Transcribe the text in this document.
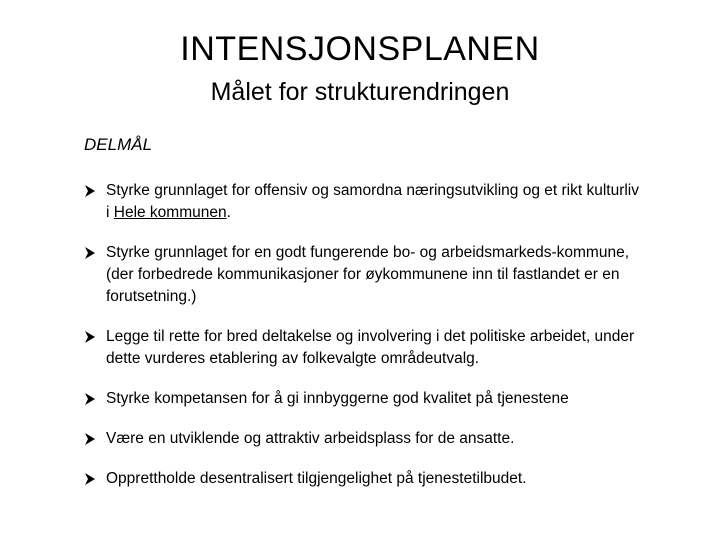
INTENSJONSPLANEN
Målet for strukturendringen
DELMÅL
Styrke grunnlaget for offensiv og samordna næringsutvikling og et rikt kulturliv i Hele kommunen.
Styrke grunnlaget for en godt fungerende bo- og arbeidsmarkeds-kommune, (der forbedrede kommunikasjoner for øykommunene inn til fastlandet er en forutsetning.)
Legge til rette for bred deltakelse og involvering i det politiske arbeidet, under dette vurderes etablering av folkevalgte områdeutvalg.
Styrke kompetansen for å gi innbyggerne god kvalitet på tjenestene
Være en utviklende og attraktiv arbeidsplass for de ansatte.
Opprettholde desentralisert tilgjengelighet på tjenestetilbudet.
